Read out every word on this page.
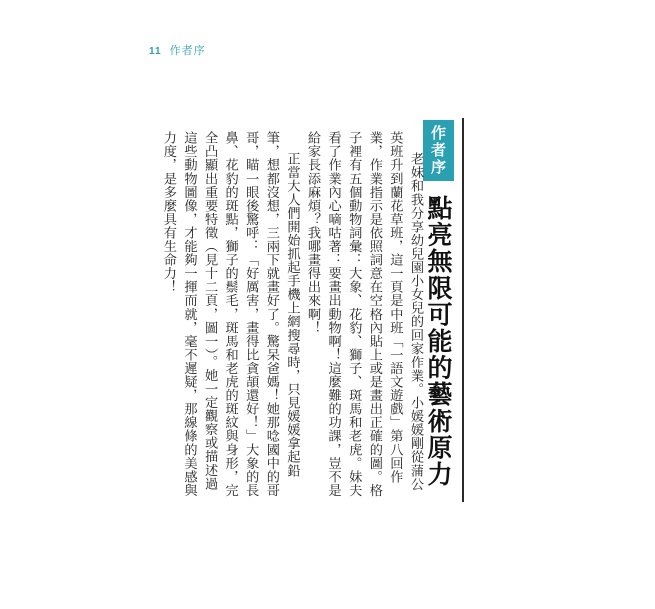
11 作者序
作者序
點亮無限可能的藝術原力

老妹和我分享幼兒園小女兒的回家作業。小媛媛剛從蒲公英班升到蘭花草班，這一頁是中班「一語文遊戲」第八回作業，作業指示是依照詞意在空格內貼上或是畫出正確的圖。格子裡有五個動物詞彙：大象、花豹、獅子、斑馬和老虎。妹夫看了作業內心嘀咕著：要畫出動物啊！這麼難的功課，豈不是給家長添麻煩？我哪畫得出來啊！

正當大人們開始抓起手機上網搜尋時，只見媛媛拿起鉛筆，想都沒想，三兩下就畫好了。驚呆爸媽！她那唸國中的哥哥，瞄一眼後驚呼：「好厲害，畫得比貪頡還好！」大象的長鼻、花豹的斑點，獅子的鬃毛，斑馬和老虎的斑紋與身形，完全凸顯出重要特徵（見十二頁，圖一）。她一定觀察或描述過這些動物圖像，才能夠一揮而就，毫不遲疑，那線條的美感與力度，是多麼具有生命力！
